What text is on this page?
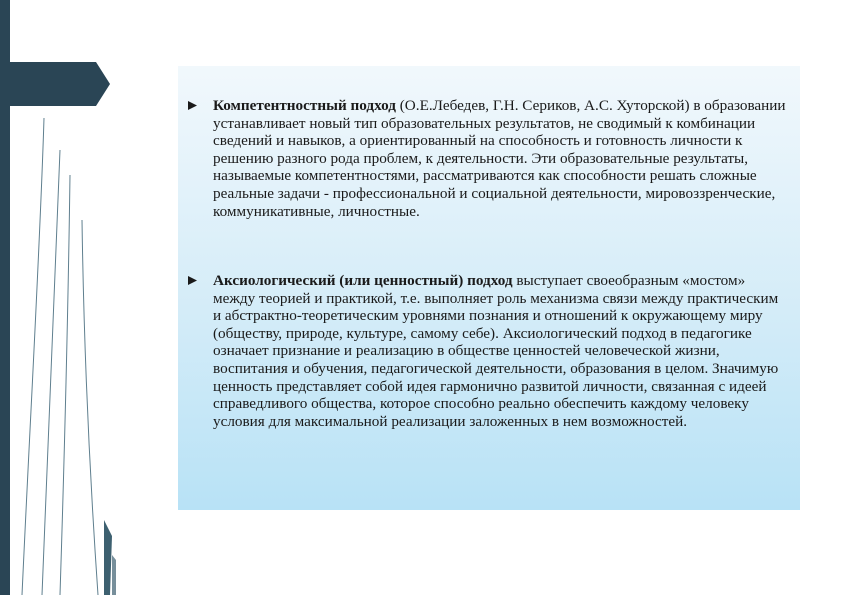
Компетентностный подход (О.Е.Лебедев, Г.Н. Сериков, А.С. Хуторской) в образовании устанавливает новый тип образовательных результатов, не сводимый к комбинации сведений и навыков, а ориентированный на способность и готовность личности к решению разного рода проблем, к деятельности. Эти образовательные результаты, называемые компетентностями, рассматриваются как способности решать сложные реальные задачи - профессиональной и социальной деятельности, мировоззренческие, коммуникативные, личностные.
Аксиологический (или ценностный) подход выступает своеобразным «мостом» между теорией и практикой, т.е. выполняет роль механизма связи между практическим и абстрактно-теоретическим уровнями познания и отношений к окружающему миру (обществу, природе, культуре, самому себе). Аксиологический подход в педагогике означает признание и реализацию в обществе ценностей человеческой жизни, воспитания и обучения, педагогической деятельности, образования в целом. Значимую ценность представляет собой идея гармонично развитой личности, связанная с идеей справедливого общества, которое способно реально обеспечить каждому человеку условия для максимальной реализации заложенных в нем возможностей.
